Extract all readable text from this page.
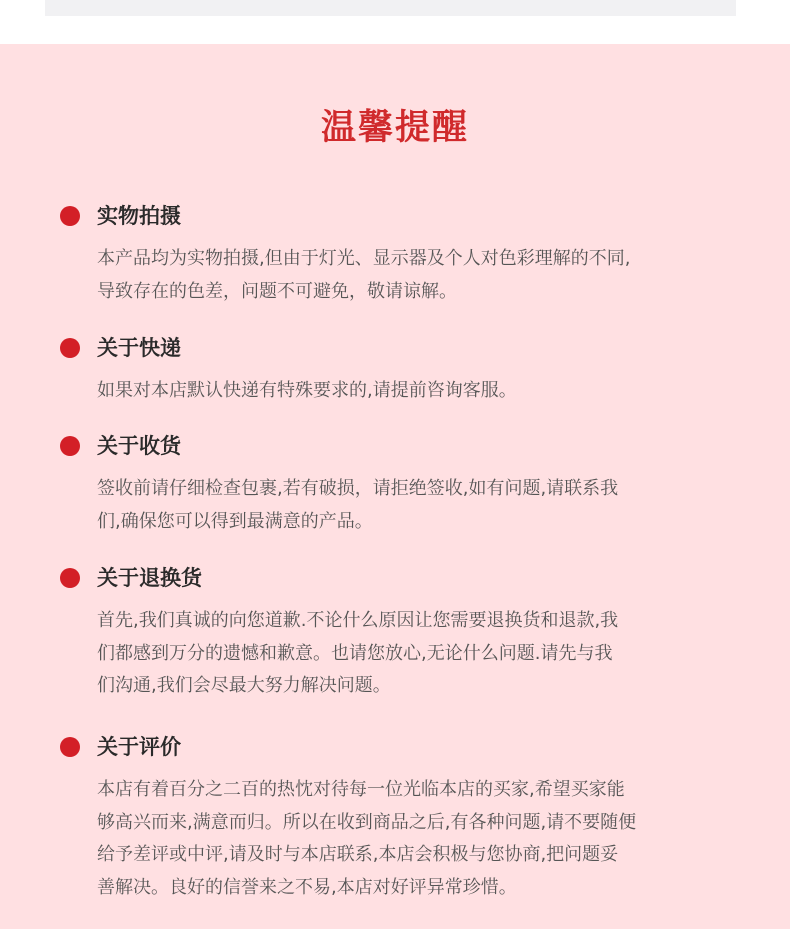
温馨提醒
实物拍摄

本产品均为实物拍摄,但由于灯光、显示器及个人对色彩理解的不同,

导致存在的色差，问题不可避免，敬请谅解。

关于快递

如果对本店默认快递有特殊要求的,请提前咨询客服。

关于收货

签收前请仔细检查包裹,若有破损，请拒绝签收,如有问题,请联系我

们,确保您可以得到最满意的产品。

关于退换货

首先,我们真诚的向您道歉.不论什么原因让您需要退换货和退款,我

们都感到万分的遗憾和歉意。也请您放心,无论什么问题.请先与我

们沟通,我们会尽最大努力解决问题。

关于评价

本店有着百分之二百的热忱对待每一位光临本店的买家,希望买家能

够高兴而来,满意而归。所以在收到商品之后,有各种问题,请不要随便

给予差评或中评,请及时与本店联系,本店会积极与您协商,把问题妥

善解决。良好的信誉来之不易,本店对好评异常珍惜。
